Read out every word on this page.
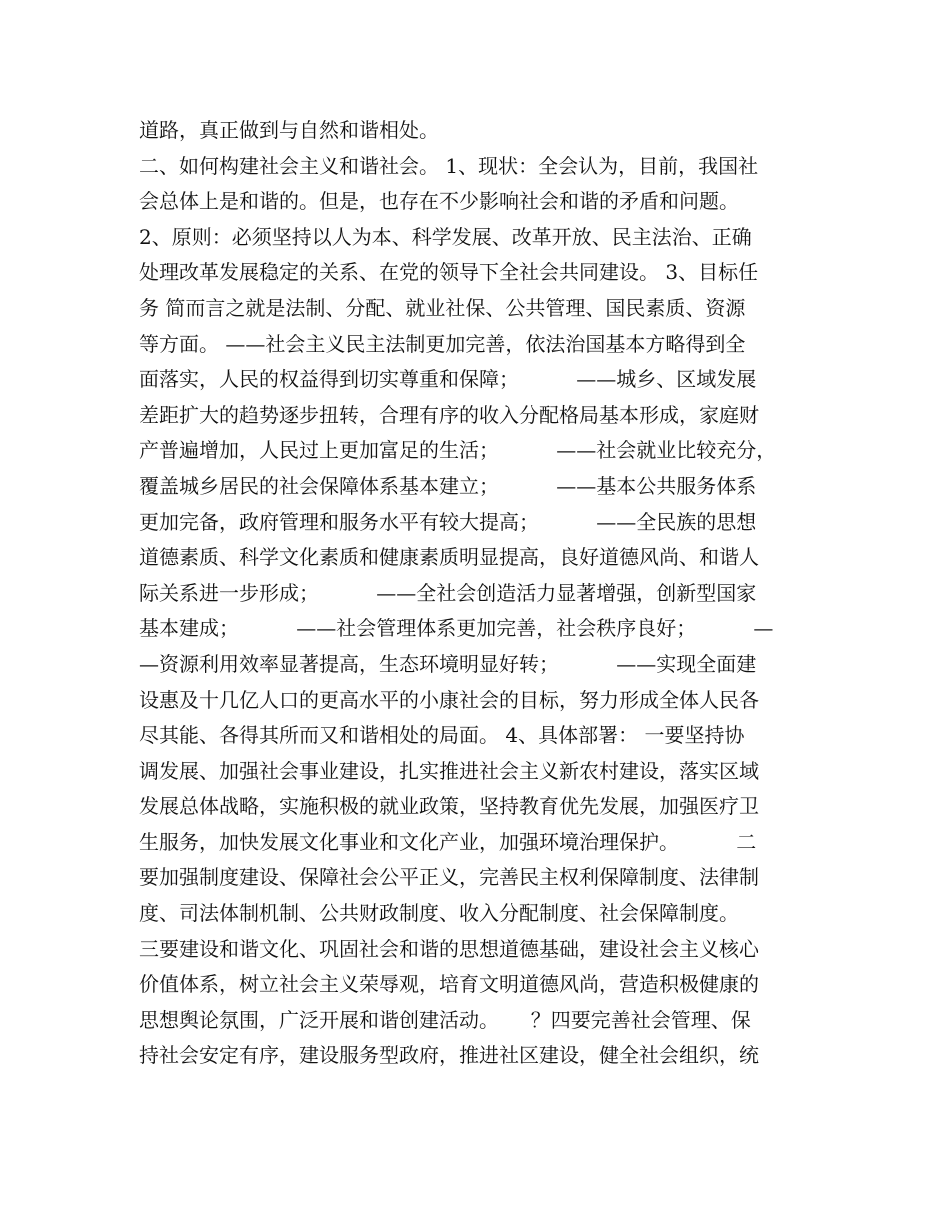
道路，真正做到与自然和谐相处。
二、如何构建社会主义和谐社会。 1、现状：全会认为，目前，我国社
会总体上是和谐的。但是，也存在不少影响社会和谐的矛盾和问题。
2、原则：必须坚持以人为本、科学发展、改革开放、民主法治、正确
处理改革发展稳定的关系、在党的领导下全社会共同建设。 3、目标任
务 简而言之就是法制、分配、就业社保、公共管理、国民素质、资源
等方面。 ——社会主义民主法制更加完善，依法治国基本方略得到全
面落实，人民的权益得到切实尊重和保障；         ——城乡、区域发展
差距扩大的趋势逐步扭转，合理有序的收入分配格局基本形成，家庭财
产普遍增加，人民过上更加富足的生活；         ——社会就业比较充分，
覆盖城乡居民的社会保障体系基本建立；         ——基本公共服务体系
更加完备，政府管理和服务水平有较大提高；         ——全民族的思想
道德素质、科学文化素质和健康素质明显提高，良好道德风尚、和谐人
际关系进一步形成；         ——全社会创造活力显著增强，创新型国家
基本建成；         ——社会管理体系更加完善，社会秩序良好；         —
—资源利用效率显著提高，生态环境明显好转；         ——实现全面建
设惠及十几亿人口的更高水平的小康社会的目标，努力形成全体人民各
尽其能、各得其所而又和谐相处的局面。 4、具体部署： 一要坚持协
调发展、加强社会事业建设，扎实推进社会主义新农村建设，落实区域
发展总体战略，实施积极的就业政策，坚持教育优先发展，加强医疗卫
生服务，加快发展文化事业和文化产业，加强环境治理保护。         二
要加强制度建设、保障社会公平正义，完善民主权利保障制度、法律制
度、司法体制机制、公共财政制度、收入分配制度、社会保障制度。
三要建设和谐文化、巩固社会和谐的思想道德基础，建设社会主义核心
价值体系，树立社会主义荣辱观，培育文明道德风尚，营造积极健康的
思想舆论氛围，广泛开展和谐创建活动。     ？四要完善社会管理、保
持社会安定有序，建设服务型政府，推进社区建设，健全社会组织，统
